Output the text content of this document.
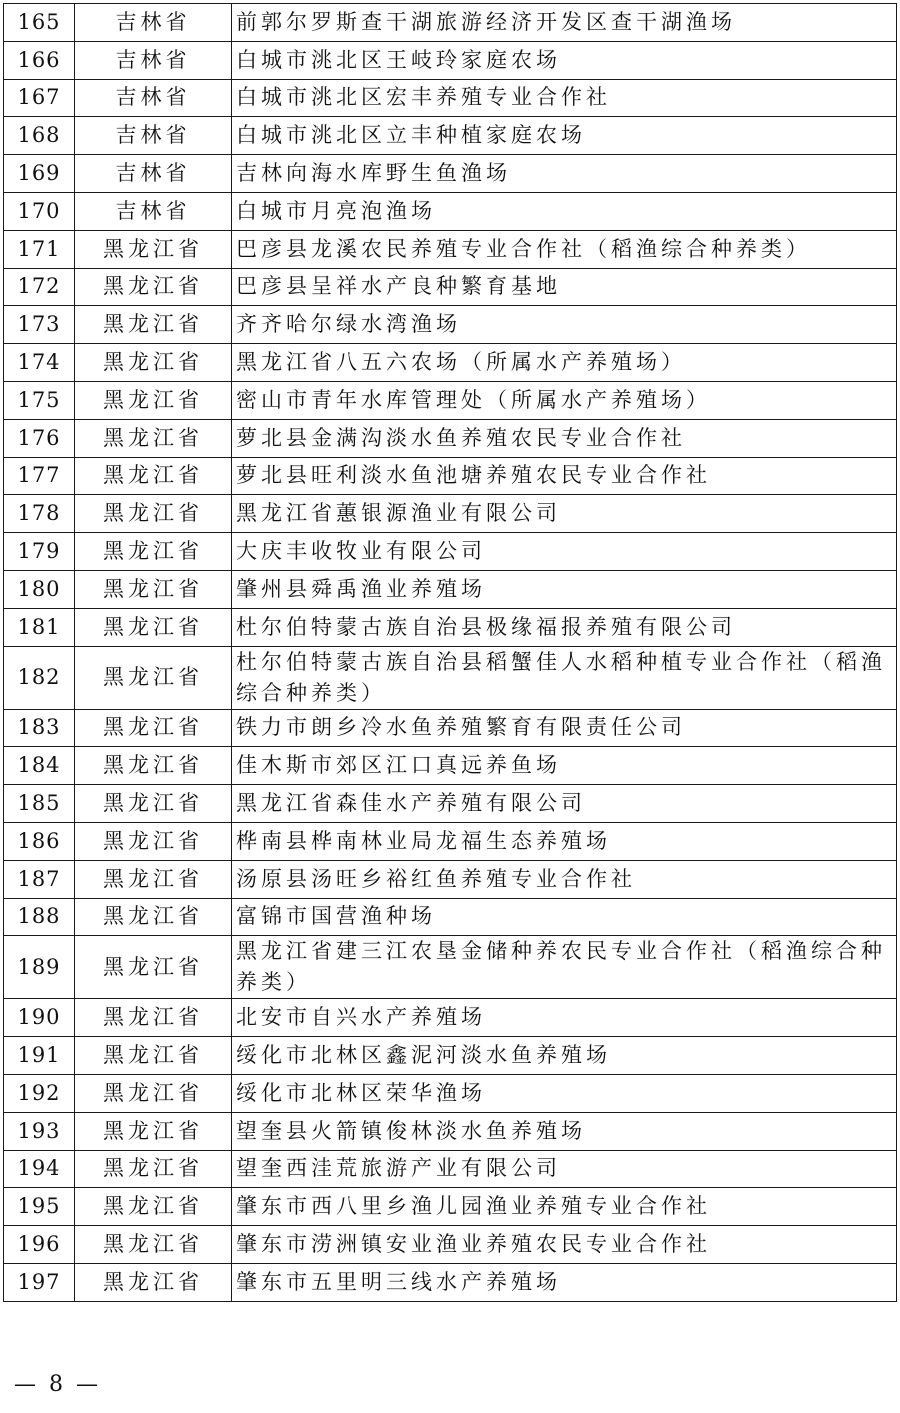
165	吉林省	前郭尔罗斯查干湖旅游经济开发区查干湖渔场
166	吉林省	白城市洮北区王岐玲家庭农场
167	吉林省	白城市洮北区宏丰养殖专业合作社
168	吉林省	白城市洮北区立丰种植家庭农场
169	吉林省	吉林向海水库野生鱼渔场
170	吉林省	白城市月亮泡渔场
171	黑龙江省	巴彦县龙溪农民养殖专业合作社（稻渔综合种养类）
172	黑龙江省	巴彦县呈祥水产良种繁育基地
173	黑龙江省	齐齐哈尔绿水湾渔场
174	黑龙江省	黑龙江省八五六农场（所属水产养殖场）
175	黑龙江省	密山市青年水库管理处（所属水产养殖场）
176	黑龙江省	萝北县金满沟淡水鱼养殖农民专业合作社
177	黑龙江省	萝北县旺利淡水鱼池塘养殖农民专业合作社
178	黑龙江省	黑龙江省蕙银源渔业有限公司
179	黑龙江省	大庆丰收牧业有限公司
180	黑龙江省	肇州县舜禹渔业养殖场
181	黑龙江省	杜尔伯特蒙古族自治县极缘福报养殖有限公司
182	黑龙江省	杜尔伯特蒙古族自治县稻蟹佳人水稻种植专业合作社（稻渔综合种养类）
183	黑龙江省	铁力市朗乡冷水鱼养殖繁育有限责任公司
184	黑龙江省	佳木斯市郊区江口真远养鱼场
185	黑龙江省	黑龙江省森佳水产养殖有限公司
186	黑龙江省	桦南县桦南林业局龙福生态养殖场
187	黑龙江省	汤原县汤旺乡裕红鱼养殖专业合作社
188	黑龙江省	富锦市国营渔种场
189	黑龙江省	黑龙江省建三江农垦金储种养农民专业合作社（稻渔综合种养类）
190	黑龙江省	北安市自兴水产养殖场
191	黑龙江省	绥化市北林区鑫泥河淡水鱼养殖场
192	黑龙江省	绥化市北林区荣华渔场
193	黑龙江省	望奎县火箭镇俊林淡水鱼养殖场
194	黑龙江省	望奎西洼荒旅游产业有限公司
195	黑龙江省	肇东市西八里乡渔儿园渔业养殖专业合作社
196	黑龙江省	肇东市涝洲镇安业渔业养殖农民专业合作社
197	黑龙江省	肇东市五里明三线水产养殖场
— 8 —
